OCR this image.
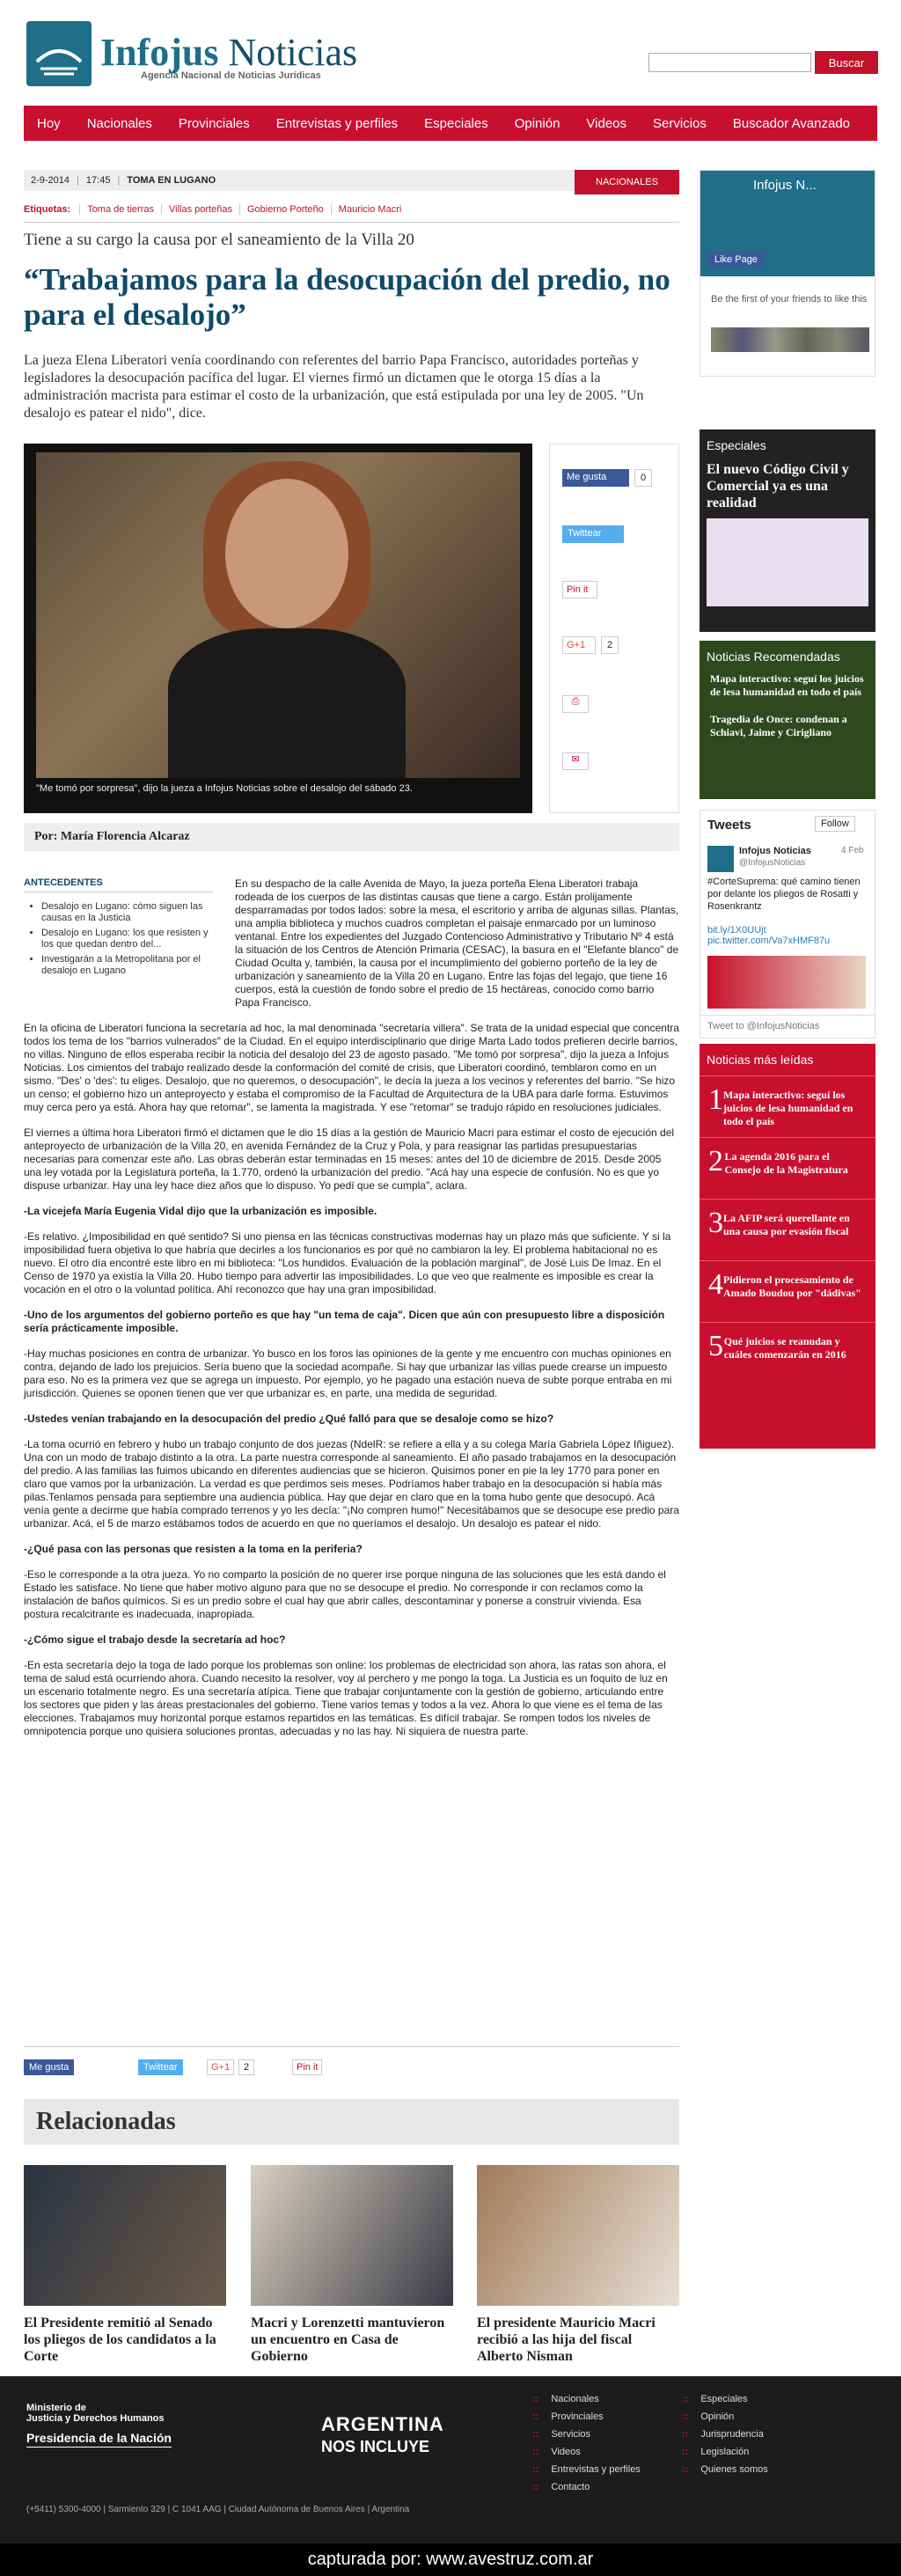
Infojus Noticias
Agencia Nacional de Noticias Jurídicas
Buscar
Hoy	Nacionales	Provinciales	Entrevistas y perfiles	Especiales	Opinión	Videos	Servicios	Buscador Avanzado
2-9-2014 | 17:45 | TOMA EN LUGANO	NACIONALES
Etiquetas:	Toma de tierras	Villas porteñas	Gobierno Porteño	Mauricio Macri
Tiene a su cargo la causa por el saneamiento de la Villa 20
“Trabajamos para la desocupación del predio, no para el desalojo”
La jueza Elena Liberatori venía coordinando con referentes del barrio Papa Francisco, autoridades porteñas y legisladores la desocupación pacífica del lugar. El viernes firmó un dictamen que le otorga 15 días a la administración macrista para estimar el costo de la urbanización, que está estipulada por una ley de 2005. "Un desalojo es patear el nido", dice.
"Me tomó por sorpresa", dijo la jueza a Infojus Noticias sobre el desalojo del sábado 23.
Me gusta	0
Twittear
Pin it
G+1	2
⎙
✉
Por: María Florencia Alcaraz

En su despacho de la calle Avenida de Mayo, la jueza porteña Elena Liberatori trabaja rodeada de los cuerpos de las distintas causas que tiene a cargo. Están prolijamente desparramadas por todos lados: sobre la mesa, el escritorio y arriba de algunas sillas. Plantas, una amplia biblioteca y muchos cuadros completan el paisaje enmarcado por un luminoso ventanal. Entre los expedientes del Juzgado Contencioso Administrativo y Tributario Nº 4 está la situación de los Centros de Atención Primaria (CESAC), la basura en el "Elefante blanco" de Ciudad Oculta y, también, la causa por el incumplimiento del gobierno porteño de la ley de urbanización y saneamiento de la Villa 20 en Lugano. Entre las fojas del legajo, que tiene 16 cuerpos, está la cuestión de fondo sobre el predio de 15 hectáreas, conocido como barrio Papa Francisco.

En la oficina de Liberatori funciona la secretaría ad hoc, la mal denominada "secretaría villera". Se trata de la unidad especial que concentra todos los tema de los "barrios vulnerados" de la Ciudad. En el equipo interdisciplinario que dirige Marta Lado todos prefieren decirle barrios, no villas. Ninguno de ellos esperaba recibir la noticia del desalojo del 23 de agosto pasado. "Me tomó por sorpresa", dijo la jueza a Infojus Noticias. Los cimientos del trabajo realizado desde la conformación del comité de crisis, que Liberatori coordinó, temblaron como en un sismo. "Des' o 'des': tu eliges. Desalojo, que no queremos, o desocupación", le decía la jueza a los vecinos y referentes del barrio. "Se hizo un censo; el gobierno hizo un anteproyecto y estaba el compromiso de la Facultad de Arquitectura de la UBA para darle forma. Estuvimos muy cerca pero ya está. Ahora hay que retomar", se lamenta la magistrada. Y ese "retomar" se tradujo rápido en resoluciones judiciales.

El viernes a última hora Liberatori firmó el dictamen que le dio 15 días a la gestión de Mauricio Macri para estimar el costo de ejecución del anteproyecto de urbanización de la Villa 20, en avenida Fernández de la Cruz y Pola, y para reasignar las partidas presupuestarias necesarias para comenzar este año. Las obras deberán estar terminadas en 15 meses: antes del 10 de diciembre de 2015. Desde 2005 una ley votada por la Legislatura porteña, la 1.770, ordenó la urbanización del predio. "Acá hay una especie de confusión. No es que yo dispuse urbanizar. Hay una ley hace diez años que lo dispuso. Yo pedí que se cumpla", aclara.

-La vicejefa María Eugenia Vidal dijo que la urbanización es imposible.

-Es relativo. ¿Imposibilidad en qué sentido? Si uno piensa en las técnicas constructivas modernas hay un plazo más que suficiente. Y si la imposibilidad fuera objetiva lo que habría que decirles a los funcionarios es por qué no cambiaron la ley. El problema habitacional no es nuevo. El otro día encontré este libro en mi biblioteca: "Los hundidos. Evaluación de la población marginal", de José Luis De Imaz. En el Censo de 1970 ya existía la Villa 20. Hubo tiempo para advertir las imposibilidades. Lo que veo que realmente es imposible es crear la vocación en el otro o la voluntad política. Ahí reconozco que hay una gran imposibilidad.

-Uno de los argumentos del gobierno porteño es que hay "un tema de caja". Dicen que aún con presupuesto libre a disposición sería prácticamente imposible.

-Hay muchas posiciones en contra de urbanizar. Yo busco en los foros las opiniones de la gente y me encuentro con muchas opiniones en contra, dejando de lado los prejuicios. Sería bueno que la sociedad acompañe. Si hay que urbanizar las villas puede crearse un impuesto para eso. No es la primera vez que se agrega un impuesto. Por ejemplo, yo he pagado una estación nueva de subte porque entraba en mi jurisdicción. Quienes se oponen tienen que ver que urbanizar es, en parte, una medida de seguridad.

-Ustedes venían trabajando en la desocupación del predio ¿Qué falló para que se desaloje como se hizo?

-La toma ocurrió en febrero y hubo un trabajo conjunto de dos juezas (NdelR: se refiere a ella y a su colega María Gabriela López Iñiguez). Una con un modo de trabajo distinto a la otra. La parte nuestra corresponde al saneamiento. El año pasado trabajamos en la desocupación del predio. A las familias las fuimos ubicando en diferentes audiencias que se hicieron. Quisimos poner en pie la ley 1770 para poner en claro que vamos por la urbanización. La verdad es que perdimos seis meses. Podríamos haber trabajo en la desocupación si había más pilas.Tenlamos pensada para septiembre una audiencia pública. Hay que dejar en claro que en la toma hubo gente que desocupó. Acá venía gente a decirme que había comprado terrenos y yo les decía: "¡No compren humo!" Necesitábamos que se desocupe ese predio para urbanizar. Acá, el 5 de marzo estábamos todos de acuerdo en que no queríamos el desalojo. Un desalojo es patear el nido.

-¿Qué pasa con las personas que resisten a la toma en la periferia?

-Eso le corresponde a la otra jueza. Yo no comparto la posición de no querer irse porque ninguna de las soluciones que les está dando el Estado les satisface. No tiene que haber motivo alguno para que no se desocupe el predio. No corresponde ir con reclamos como la instalación de baños químicos. Si es un predio sobre el cual hay que abrir calles, descontaminar y ponerse a construir vivienda. Esa postura recalcitrante es inadecuada, inapropiada.

-¿Cómo sigue el trabajo desde la secretaría ad hoc?

-En esta secretaría dejo la toga de lado porque los problemas son online: los problemas de electricidad son ahora, las ratas son ahora, el tema de salud está ocurriendo ahora. Cuando necesito la resolver, voy al perchero y me pongo la toga. La Justicia es un foquito de luz en un escenario totalmente negro. Es una secretaría atípica. Tiene que trabajar conjuntamente con la gestión de gobierno, articulando entre los sectores que piden y las áreas prestacionales del gobierno. Tiene varios temas y todos a la vez. Ahora lo que viene es el tema de las elecciones. Trabajamos muy horizontal porque estamos repartidos en las temáticas. Es difícil trabajar. Se rompen todos los niveles de omnipotencia porque uno quisiera soluciones prontas, adecuadas y no las hay. Ni siquiera de nuestra parte.

ANTECEDENTES
• Desalojo en Lugano: cómo siguen las causas en la Justicia
• Desalojo en Lugano: los que resisten y los que quedan dentro del...
• Investigarán a la Metropolitana por el desalojo en Lugano
Me gusta	Twittear	G+1	2	Pin it
Relacionadas
El Presidente remitió al Senado los pliegos de los candidatos a la Corte
Macri y Lorenzetti mantuvieron un encuentro en Casa de Gobierno
El presidente Mauricio Macri recibió a las hija del fiscal Alberto Nisman
Infojus N...
Like Page
Be the first of your friends to like this
Especiales
El nuevo Código Civil y Comercial ya es una realidad
Noticias Recomendadas
Mapa interactivo: seguí los juicios de lesa humanidad en todo el país
Tragedia de Once: condenan a Schiavi, Jaime y Cirigliano
Tweets	Follow
Infojus Noticias
@InfojusNoticias
4 Feb
#CorteSuprema: qué camino tienen por delante los pliegos de Rosatti y Rosenkrantz
bit.ly/1X0UUjt pic.twitter.com/Va7xHMF87u
Tweet to @InfojusNoticias
Noticias más leídas
1 Mapa interactivo: seguí los juicios de lesa humanidad en todo el país
2 La agenda 2016 para el Consejo de la Magistratura
3 La AFIP será querellante en una causa por evasión fiscal
4 Pidieron el procesamiento de Amado Boudou por "dádivas"
5 Qué juicios se reanudan y cuáles comenzarán en 2016
Ministerio de
Justicia y Derechos Humanos
Presidencia de la Nación
ARGENTINA
NOS INCLUYE
(+5411) 5300-4000 | Sarmiento 329 | C 1041 AAG | Ciudad Autónoma de Buenos Aires | Argentina
:: Nacionales
:: Provinciales
:: Servicios
:: Videos
:: Entrevistas y perfiles
:: Contacto
:: Especiales
:: Opinión
:: Jurisprudencia
:: Legislación
:: Quienes somos
capturada por: www.avestruz.com.ar
